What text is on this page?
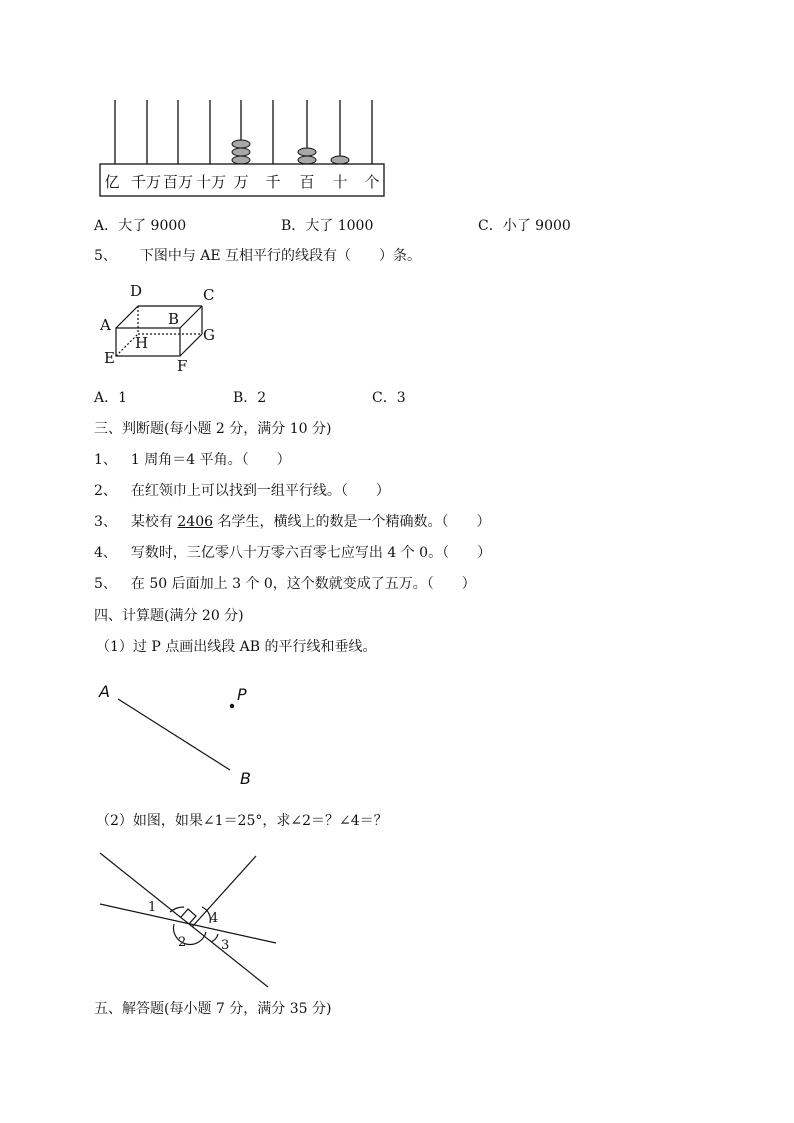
亿 千万 百万 十万 万 千 百 十 个
A．大了 9000	B．大了 1000	C．小了 9000
5、 下图中与 AE 互相平行的线段有（　　）条。
D	C
A	B
G
H
E	F
A．1	B．2	C．3
三、判断题(每小题 2 分，满分 10 分)
1、 1 周角＝4 平角。（　　）
2、 在红领巾上可以找到一组平行线。（　　）
3、 某校有 2406 名学生，横线上的数是一个精确数。（　　）
4、 写数时，三亿零八十万零六百零七应写出 4 个 0。（　　）
5、 在 50 后面加上 3 个 0，这个数就变成了五万。（　　）
四、计算题(满分 20 分)
（1）过 P 点画出线段 AB 的平行线和垂线。
A	P
B
（2）如图，如果∠1＝25°，求∠2＝？∠4＝？
1
2	3
4
五、解答题(每小题 7 分，满分 35 分)
